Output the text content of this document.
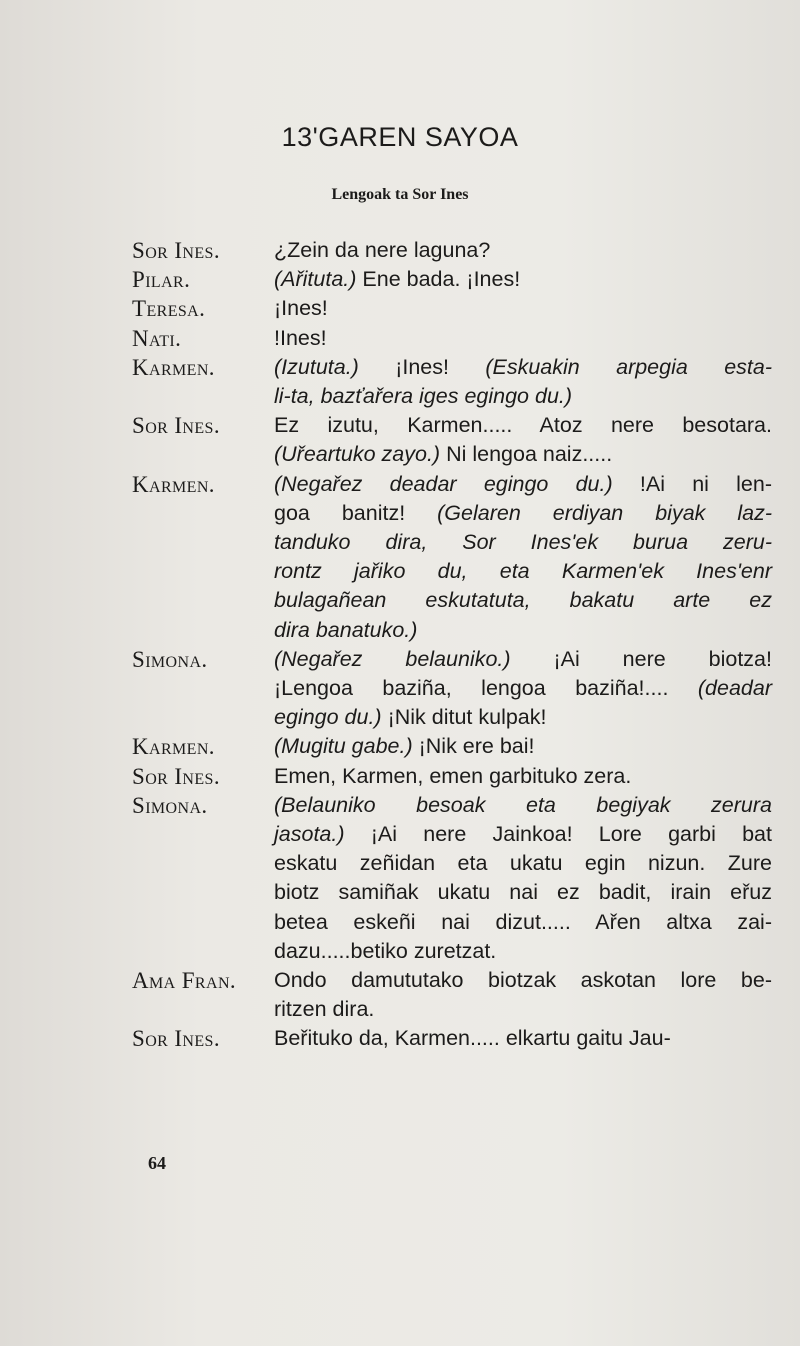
13'GAREN SAYOA
Lengoak ta Sor Ines
Sor Ines.	¿Zein da nere laguna?
Pilar.	(Ařituta.) Ene bada. ¡Ines!
Teresa.	¡Ines!
Nati.	!Ines!
Karmen.	(Izututa.) ¡Ines! (Eskuakin arpegia esta-
li-ta, bazťařera iges egingo du.)
Sor Ines.	Ez izutu, Karmen..... Atoz nere besotara.
(Uřeartuko zayo.) Ni lengoa naiz.....
Karmen.	(Negařez deadar egingo du.) !Ai ni len-
goa banitz! (Gelaren erdiyan biyak laz-
tanduko dira, Sor Ines'ek burua zeru-
rontz jařiko du, eta Karmen'ek Ines'enr
bulagañean eskutatuta, bakatu arte ez
dira banatuko.)
Simona.	(Negařez belauniko.) ¡Ai nere biotza!
¡Lengoa baziña, lengoa baziña!.... (deadar
egingo du.) ¡Nik ditut kulpak!
Karmen.	(Mugitu gabe.) ¡Nik ere bai!
Sor Ines.	Emen, Karmen, emen garbituko zera.
Simona.	(Belauniko besoak eta begiyak zerura
jasota.) ¡Ai nere Jainkoa! Lore garbi bat
eskatu zeñidan eta ukatu egin nizun. Zure
biotz samiñak ukatu nai ez badit, irain eřuz
betea eskeñi nai dizut..... Ařen altxa zai-
dazu.....betiko zuretzat.
Ama Fran.	Ondo damututako biotzak askotan lore be-
ritzen dira.
Sor Ines.	Beřituko da, Karmen..... elkartu gaitu Jau-
64
